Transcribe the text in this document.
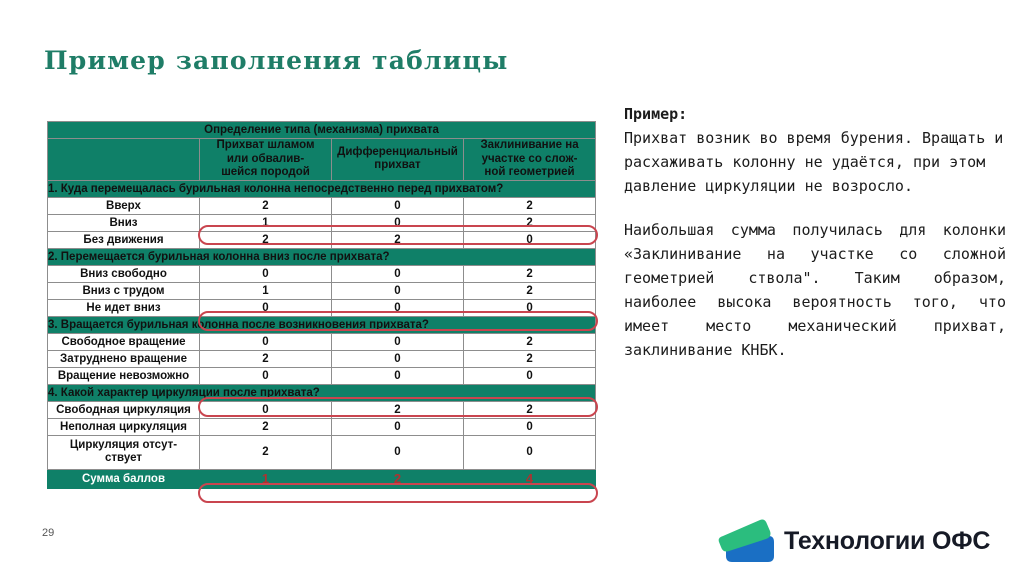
Пример заполнения таблицы
Определение типа (механизма) прихвата			

Прихват шламом
или обвалив-
шейся породой

Дифференциальный
прихват

Заклинивание на
участке со слож-
ной геометрией

1. Куда перемещалась бурильная колонна непосредственно перед прихватом?			
Вверх	2	0	2
Вниз	1	0	2
Без движения	2	2	0
2. Перемещается бурильная колонна вниз после прихвата?			
Вниз свободно	0	0	2
Вниз с трудом	1	0	2
Не идет вниз	0	0	0
3. Вращается бурильная колонна после возникновения прихвата?			
Свободное вращение	0	0	2
Затруднено вращение	2	0	2
Вращение невозможно	0	0	0
4. Какой характер циркуляции после прихвата?			
Свободная циркуляция	0	2	2
Неполная циркуляция	2	0	0

Циркуляция отсут-
ствует	2	0	0
Сумма баллов	1	2	4

Пример:

Прихват возник во время бурения. Вращать и расхаживать колонну не удаётся, при этом давление циркуляции не возросло.

Наибольшая сумма получилась для колонки «Заклинивание на участке со сложной геометрией ствола". Таким образом, наиболее высока вероятность того, что имеет место механический прихват, заклинивание КНБК.

29	Технологии ОФС
